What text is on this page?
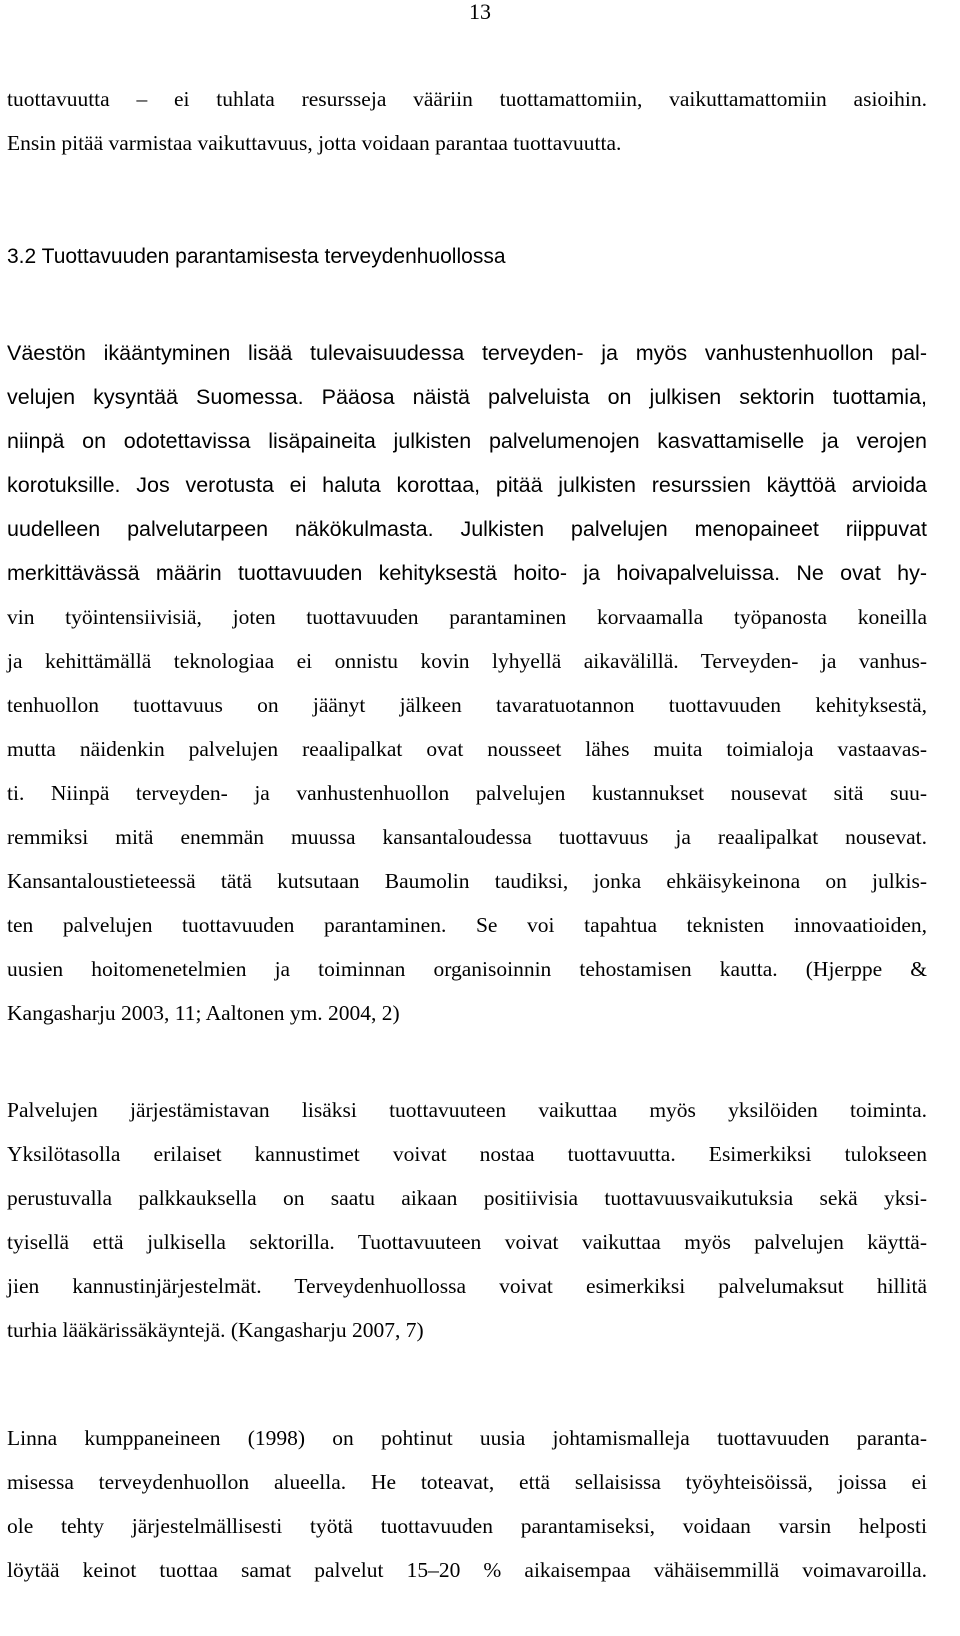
13
tuottavuutta – ei tuhlata resursseja vääriin tuottamattomiin, vaikuttamattomiin asioihin.
Ensin pitää varmistaa vaikuttavuus, jotta voidaan parantaa tuottavuutta.
3.2 Tuottavuuden parantamisesta terveydenhuollossa
Väestön ikääntyminen lisää tulevaisuudessa terveyden- ja myös vanhustenhuollon pal-
velujen kysyntää Suomessa. Pääosa näistä palveluista on julkisen sektorin tuottamia,
niinpä on odotettavissa lisäpaineita julkisten palvelumenojen kasvattamiselle ja verojen
korotuksille. Jos verotusta ei haluta korottaa, pitää julkisten resurssien käyttöä arvioida
uudelleen palvelutarpeen näkökulmasta. Julkisten palvelujen menopaineet riippuvat
merkittävässä määrin tuottavuuden kehityksestä hoito- ja hoivapalveluissa. Ne ovat hy-
vin työintensiivisiä, joten tuottavuuden parantaminen korvaamalla työpanosta koneilla
ja kehittämällä teknologiaa ei onnistu kovin lyhyellä aikavälillä. Terveyden- ja vanhus-
tenhuollon tuottavuus on jäänyt jälkeen tavaratuotannon tuottavuuden kehityksestä,
mutta näidenkin palvelujen reaalipalkat ovat nousseet lähes muita toimialoja vastaavas-
ti. Niinpä terveyden- ja vanhustenhuollon palvelujen kustannukset nousevat sitä suu-
remmiksi mitä enemmän muussa kansantaloudessa tuottavuus ja reaalipalkat nousevat.
Kansantaloustieteessä tätä kutsutaan Baumolin taudiksi, jonka ehkäisykeinona on julkis-
ten palvelujen tuottavuuden parantaminen. Se voi tapahtua teknisten innovaatioiden,
uusien hoitomenetelmien ja toiminnan organisoinnin tehostamisen kautta. (Hjerppe &
Kangasharju 2003, 11; Aaltonen ym. 2004, 2)
Palvelujen järjestämistavan lisäksi tuottavuuteen vaikuttaa myös yksilöiden toiminta.
Yksilötasolla erilaiset kannustimet voivat nostaa tuottavuutta. Esimerkiksi tulokseen
perustuvalla palkkauksella on saatu aikaan positiivisia tuottavuusvaikutuksia sekä yksi-
tyisellä että julkisella sektorilla. Tuottavuuteen voivat vaikuttaa myös palvelujen käyttä-
jien kannustinjärjestelmät. Terveydenhuollossa voivat esimerkiksi palvelumaksut hillitä
turhia lääkärissäkäyntejä. (Kangasharju 2007, 7)
Linna kumppaneineen (1998) on pohtinut uusia johtamismalleja tuottavuuden paranta-
misessa terveydenhuollon alueella. He toteavat, että sellaisissa työyhteisöissä, joissa ei
ole tehty järjestelmällisesti työtä tuottavuuden parantamiseksi, voidaan varsin helposti
löytää keinot tuottaa samat palvelut 15–20 % aikaisempaa vähäisemmillä voimavaroilla.
